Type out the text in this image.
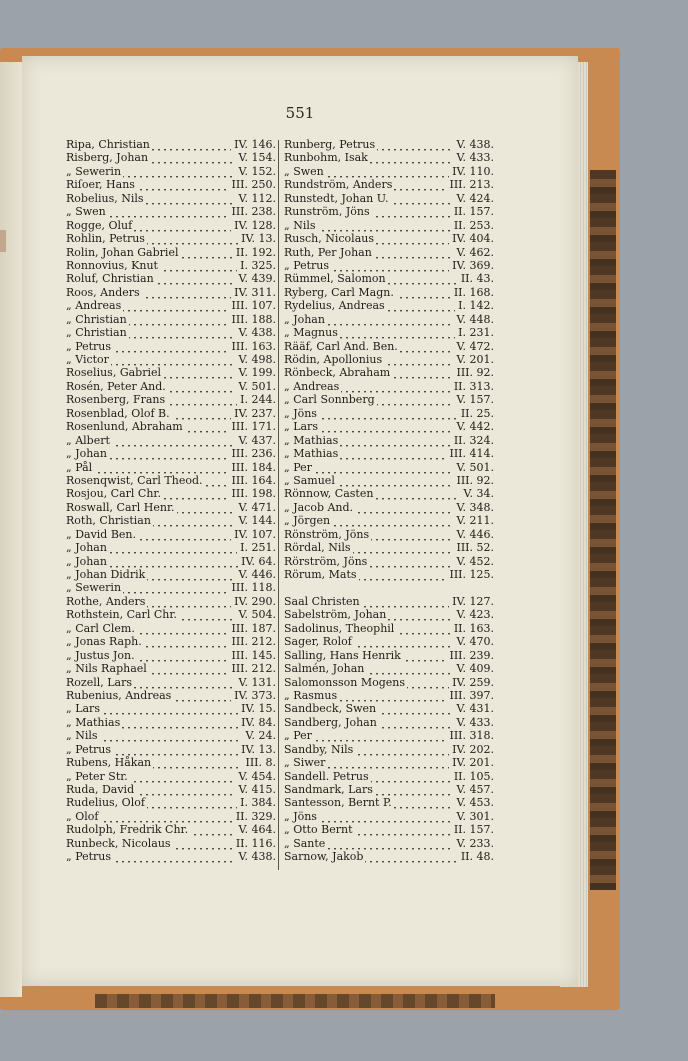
551
Ripa, Christian	IV. 146.
Risberg, Johan	V. 154.
„ Sewerin	V. 152.
Riſoer, Hans	III. 250.
Robelius, Nils	V. 112.
„ Swen	III. 238.
Rogge, Oluf	IV. 128.
Rohlin, Petrus	IV. 13.
Rolin, Johan Gabriel	II. 192.
Ronnovius, Knut	I. 325.
Roluf, Christian	V. 439.
Roos, Anders	IV. 311.
„ Andreas	III. 107.
„ Christian	III. 188.
„ Christian	V. 438.
„ Petrus	III. 163.
„ Victor	V. 498.
Roselius, Gabriel	V. 199.
Rosén, Peter And.	V. 501.
Rosenberg, Frans	I. 244.
Rosenblad, Olof B.	IV. 237.
Rosenlund, Abraham	III. 171.
„ Albert	V. 437.
„ Johan	III. 236.
„ Pål	III. 184.
Rosenqwist, Carl Theod.	III. 164.
Rosjou, Carl Chr.	III. 198.
Roswall, Carl Henr.	V. 471.
Roth, Christian	V. 144.
„ David Ben.	IV. 107.
„ Johan	I. 251.
„ Johan	IV. 64.
„ Johan Didrik	V. 446.
„ Sewerin	III. 118.
Rothe, Anders	IV. 290.
Rothstein, Carl Chr.	V. 504.
„ Carl Clem.	III. 187.
„ Jonas Raph.	III. 212.
„ Justus Jon.	III. 145.
„ Nils Raphael	III. 212.
Rozell, Lars	V. 131.
Rubenius, Andreas	IV. 373.
„ Lars	IV. 15.
„ Mathias	IV. 84.
„ Nils	V. 24.
„ Petrus	IV. 13.
Rubens, Håkan	III. 8.
„ Peter Str.	V. 454.
Ruda, David	V. 415.
Rudelius, Olof	I. 384.
„ Olof	II. 329.
Rudolph, Fredrik Chr.	V. 464.
Runbeck, Nicolaus	II. 116.
„ Petrus	V. 438.
Runberg, Petrus	V. 438.
Runbohm, Isak	V. 433.
„ Swen	IV. 110.
Rundström, Anders	III. 213.
Runstedt, Johan U.	V. 424.
Runström, Jöns	II. 157.
„ Nils	II. 253.
Rusch, Nicolaus	IV. 404.
Ruth, Per Johan	V. 462.
„ Petrus	IV. 369.
Rümmel, Salomon	II. 43.
Ryberg, Carl Magn.	II. 168.
Rydelius, Andreas	I. 142.
„ Johan	V. 448.
„ Magnus	I. 231.
Rääf, Carl And. Ben.	V. 472.
Rödin, Apollonius	V. 201.
Rönbeck, Abraham	III. 92.
„ Andreas	II. 313.
„ Carl Sonnberg	V. 157.
„ Jöns	II. 25.
„ Lars	V. 442.
„ Mathias	II. 324.
„ Mathias	III. 414.
„ Per	V. 501.
„ Samuel	III. 92.
Rönnow, Casten	V. 34.
„ Jacob And.	V. 348.
„ Jörgen	V. 211.
Rönström, Jöns	V. 446.
Rördal, Nils	III. 52.
Rörström, Jöns	V. 452.
Rörum, Mats	III. 125.
Saal Christen	IV. 127.
Sabelström, Johan	V. 423.
Sadolinus, Theophil	II. 163.
Sager, Rolof	V. 470.
Salling, Hans Henrik	III. 239.
Salmén, Johan	V. 409.
Salomonsson Mogens	IV. 259.
„ Rasmus	III. 397.
Sandbeck, Swen	V. 431.
Sandberg, Johan	V. 433.
„ Per	III. 318.
Sandby, Nils	IV. 202.
„ Siwer	IV. 201.
Sandell. Petrus	II. 105.
Sandmark, Lars	V. 457.
Santesson, Bernt P.	V. 453.
„ Jöns	V. 301.
„ Otto Bernt	II. 157.
„ Sante	V. 233.
Sarnow, Jakob	II. 48.
